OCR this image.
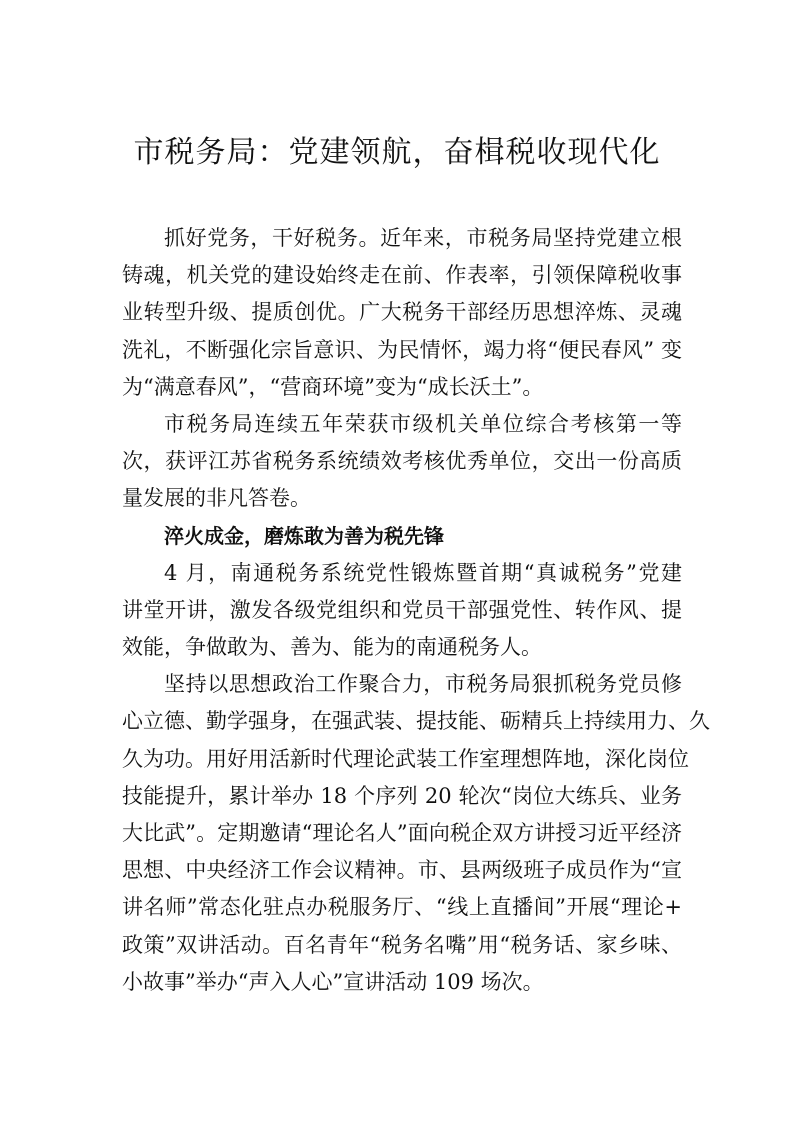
市税务局：党建领航，奋楫税收现代化
抓好党务，干好税务。近年来，市税务局坚持党建立根
铸魂，机关党的建设始终走在前、作表率，引领保障税收事
业转型升级、提质创优。广大税务干部经历思想淬炼、灵魂
洗礼，不断强化宗旨意识、为民情怀，竭力将“便民春风” 变
为“满意春风”，“营商环境”变为“成长沃土”。
市税务局连续五年荣获市级机关单位综合考核第一等
次，获评江苏省税务系统绩效考核优秀单位，交出一份高质
量发展的非凡答卷。
淬火成金，磨炼敢为善为税先锋
4 月，南通税务系统党性锻炼暨首期“真诚税务”党建
讲堂开讲，激发各级党组织和党员干部强党性、转作风、提
效能，争做敢为、善为、能为的南通税务人。
坚持以思想政治工作聚合力，市税务局狠抓税务党员修
心立德、勤学强身，在强武装、提技能、砺精兵上持续用力、久
久为功。用好用活新时代理论武装工作室理想阵地，深化岗位
技能提升，累计举办 18 个序列 20 轮次“岗位大练兵、业务
大比武”。定期邀请“理论名人”面向税企双方讲授习近平经济
思想、中央经济工作会议精神。市、县两级班子成员作为“宣
讲名师”常态化驻点办税服务厅、“线上直播间”开展“理论+
政策”双讲活动。百名青年“税务名嘴”用“税务话、家乡味、
小故事”举办“声入人心”宣讲活动 109 场次。
